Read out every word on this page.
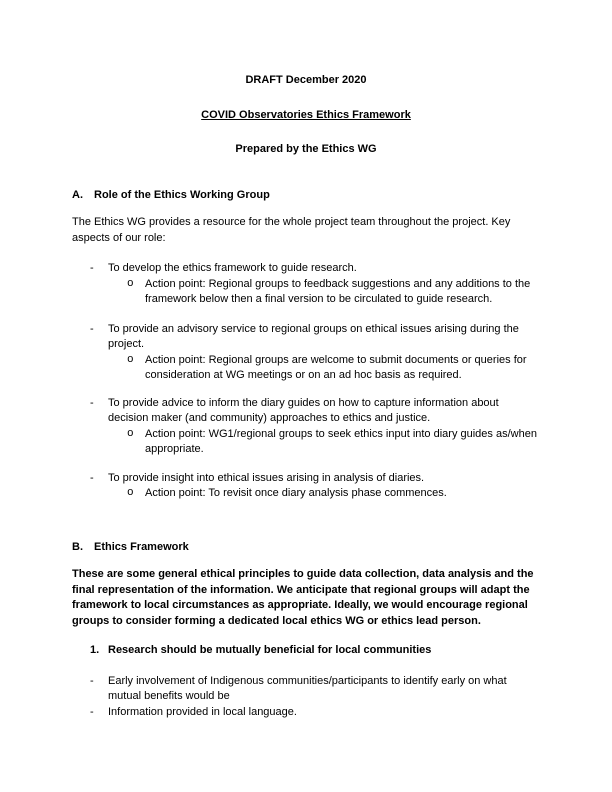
DRAFT December 2020

COVID Observatories Ethics Framework

Prepared by the Ethics WG

A.	Role of the Ethics Working Group

The Ethics WG provides a resource for the whole project team throughout the project. Key aspects of our role:

- To develop the ethics framework to guide research.
o Action point: Regional groups to feedback suggestions and any additions to the framework below then a final version to be circulated to guide research.
- To provide an advisory service to regional groups on ethical issues arising during the project.
o Action point: Regional groups are welcome to submit documents or queries for consideration at WG meetings or on an ad hoc basis as required.
- To provide advice to inform the diary guides on how to capture information about decision maker (and community) approaches to ethics and justice.
o Action point: WG1/regional groups to seek ethics input into diary guides as/when appropriate.
- To provide insight into ethical issues arising in analysis of diaries.
o Action point: To revisit once diary analysis phase commences.
B.	Ethics Framework

These are some general ethical principles to guide data collection, data analysis and the final representation of the information. We anticipate that regional groups will adapt the framework to local circumstances as appropriate. Ideally, we would encourage regional groups to consider forming a dedicated local ethics WG or ethics lead person.

1. Research should be mutually beneficial for local communities
- Early involvement of Indigenous communities/participants to identify early on what mutual benefits would be
- Information provided in local language.
